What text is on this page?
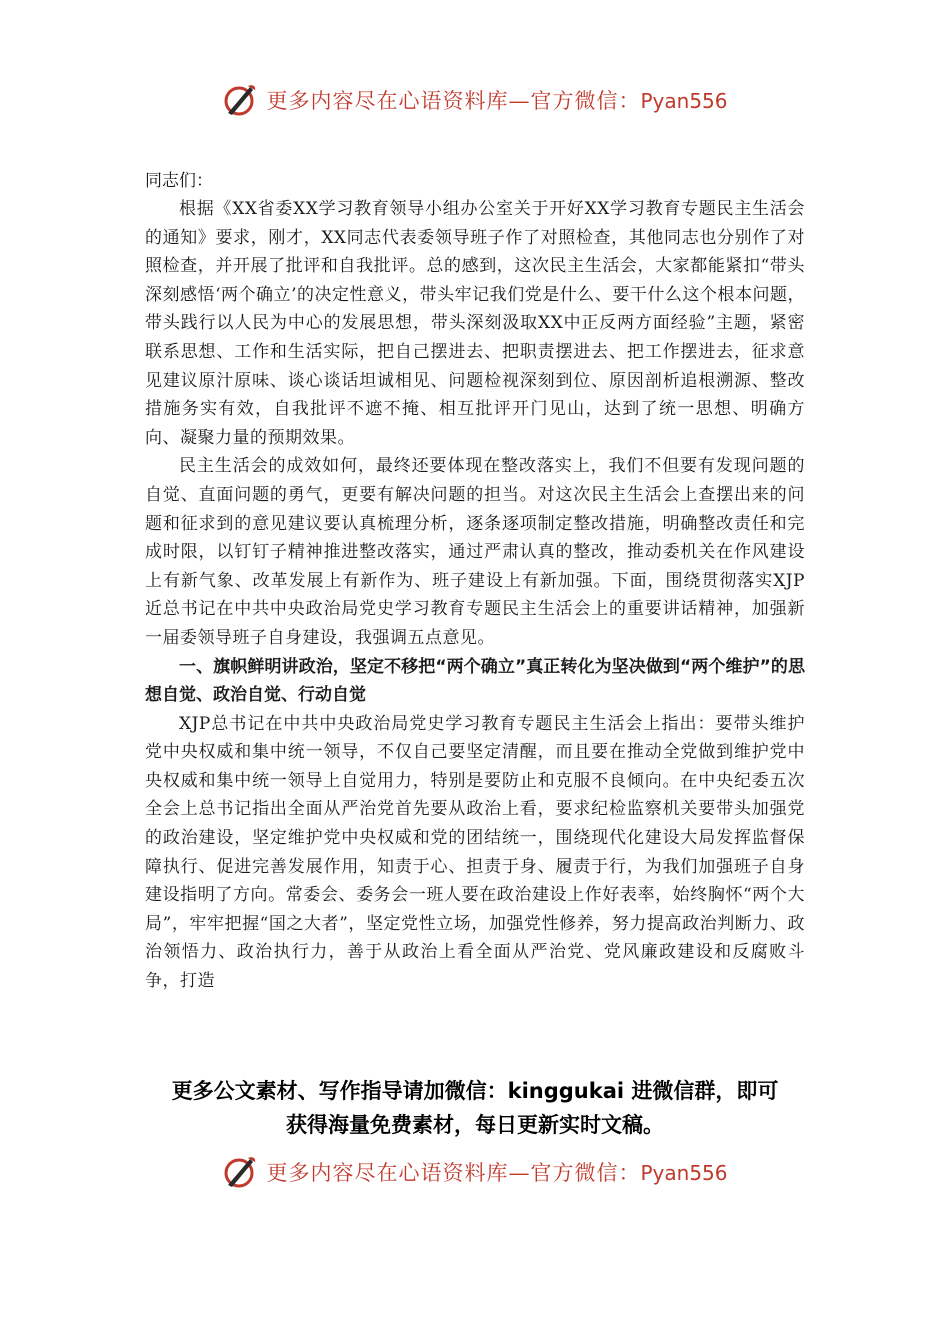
更多内容尽在心语资料库—官方微信：Pyan556

同志们：

根据《XX省委XX学习教育领导小组办公室关于开好XX学习教育专题民主生活会的通知》要求，刚才，XX同志代表委领导班子作了对照检查，其他同志也分别作了对照检查，并开展了批评和自我批评。总的感到，这次民主生活会，大家都能紧扣“带头深刻感悟‘两个确立’的决定性意义，带头牢记我们党是什么、要干什么这个根本问题，带头践行以人民为中心的发展思想，带头深刻汲取XX中正反两方面经验”主题，紧密联系思想、工作和生活实际，把自己摆进去、把职责摆进去、把工作摆进去，征求意见建议原汁原味、谈心谈话坦诚相见、问题检视深刻到位、原因剖析追根溯源、整改措施务实有效，自我批评不遮不掩、相互批评开门见山，达到了统一思想、明确方向、凝聚力量的预期效果。

民主生活会的成效如何，最终还要体现在整改落实上，我们不但要有发现问题的自觉、直面问题的勇气，更要有解决问题的担当。对这次民主生活会上查摆出来的问题和征求到的意见建议要认真梳理分析，逐条逐项制定整改措施，明确整改责任和完成时限，以钉钉子精神推进整改落实，通过严肃认真的整改，推动委机关在作风建设上有新气象、改革发展上有新作为、班子建设上有新加强。下面，围绕贯彻落实XJP近总书记在中共中央政治局党史学习教育专题民主生活会上的重要讲话精神，加强新一届委领导班子自身建设，我强调五点意见。

一、旗帜鲜明讲政治，坚定不移把“两个确立”真正转化为坚决做到“两个维护”的思想自觉、政治自觉、行动自觉

XJP总书记在中共中央政治局党史学习教育专题民主生活会上指出：要带头维护党中央权威和集中统一领导，不仅自己要坚定清醒，而且要在推动全党做到维护党中央权威和集中统一领导上自觉用力，特别是要防止和克服不良倾向。在中央纪委五次全会上总书记指出全面从严治党首先要从政治上看，要求纪检监察机关要带头加强党的政治建设，坚定维护党中央权威和党的团结统一，围绕现代化建设大局发挥监督保障执行、促进完善发展作用，知责于心、担责于身、履责于行，为我们加强班子自身建设指明了方向。常委会、委务会一班人要在政治建设上作好表率，始终胸怀“两个大局”，牢牢把握“国之大者”，坚定党性立场，加强党性修养，努力提高政治判断力、政治领悟力、政治执行力，善于从政治上看全面从严治党、党风廉政建设和反腐败斗争，打造

更多公文素材、写作指导请加微信：kinggukai 进微信群，即可
获得海量免费素材，每日更新实时文稿。
更多内容尽在心语资料库—官方微信：Pyan556
